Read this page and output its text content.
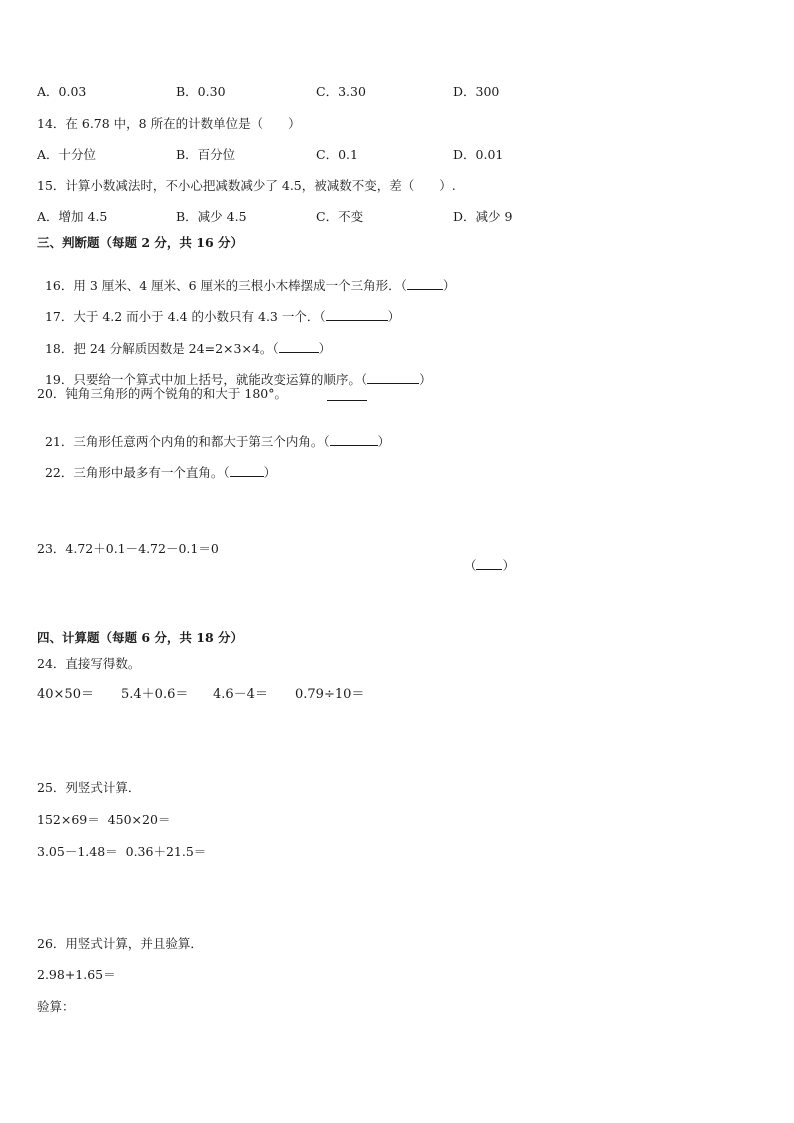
A．0.03	B．0.30	C．3.30	D．300
14．在 6.78 中，8 所在的计数单位是（　　）
A．十分位	B．百分位	C．0.1	D．0.01
15．计算小数减法时，不小心把减数减少了 4.5，被减数不变，差（　　）.
A．增加 4.5	B．减少 4.5	C．不变	D．减少 9
三、判断题（每题 2 分，共 16 分）

16．用 3 厘米、4 厘米、6 厘米的三根小木棒摆成一个三角形．（	）

17．大于 4.2 而小于 4.4 的小数只有 4.3 一个．（	）

18．把 24 分解质因数是 24=2×3×4。（	）

19．只要给一个算式中加上括号，就能改变运算的顺序。（	）

20．钝角三角形的两个锐角的和大于 180°。

21．三角形任意两个内角的和都大于第三个内角。（	）

22．三角形中最多有一个直角。（	）

23．4.72＋0.1－4.72－0.1＝0

（ ）

四、计算题（每题 6 分，共 18 分）
24．直接写得数。
40×50＝ 5.4＋0.6＝ 4.6－4＝ 0.79÷10＝
25．列竖式计算．
152×69＝  450×20＝
3.05－1.48＝  0.36＋21.5＝
26．用竖式计算，并且验算．
2.98+1.65＝
验算：
